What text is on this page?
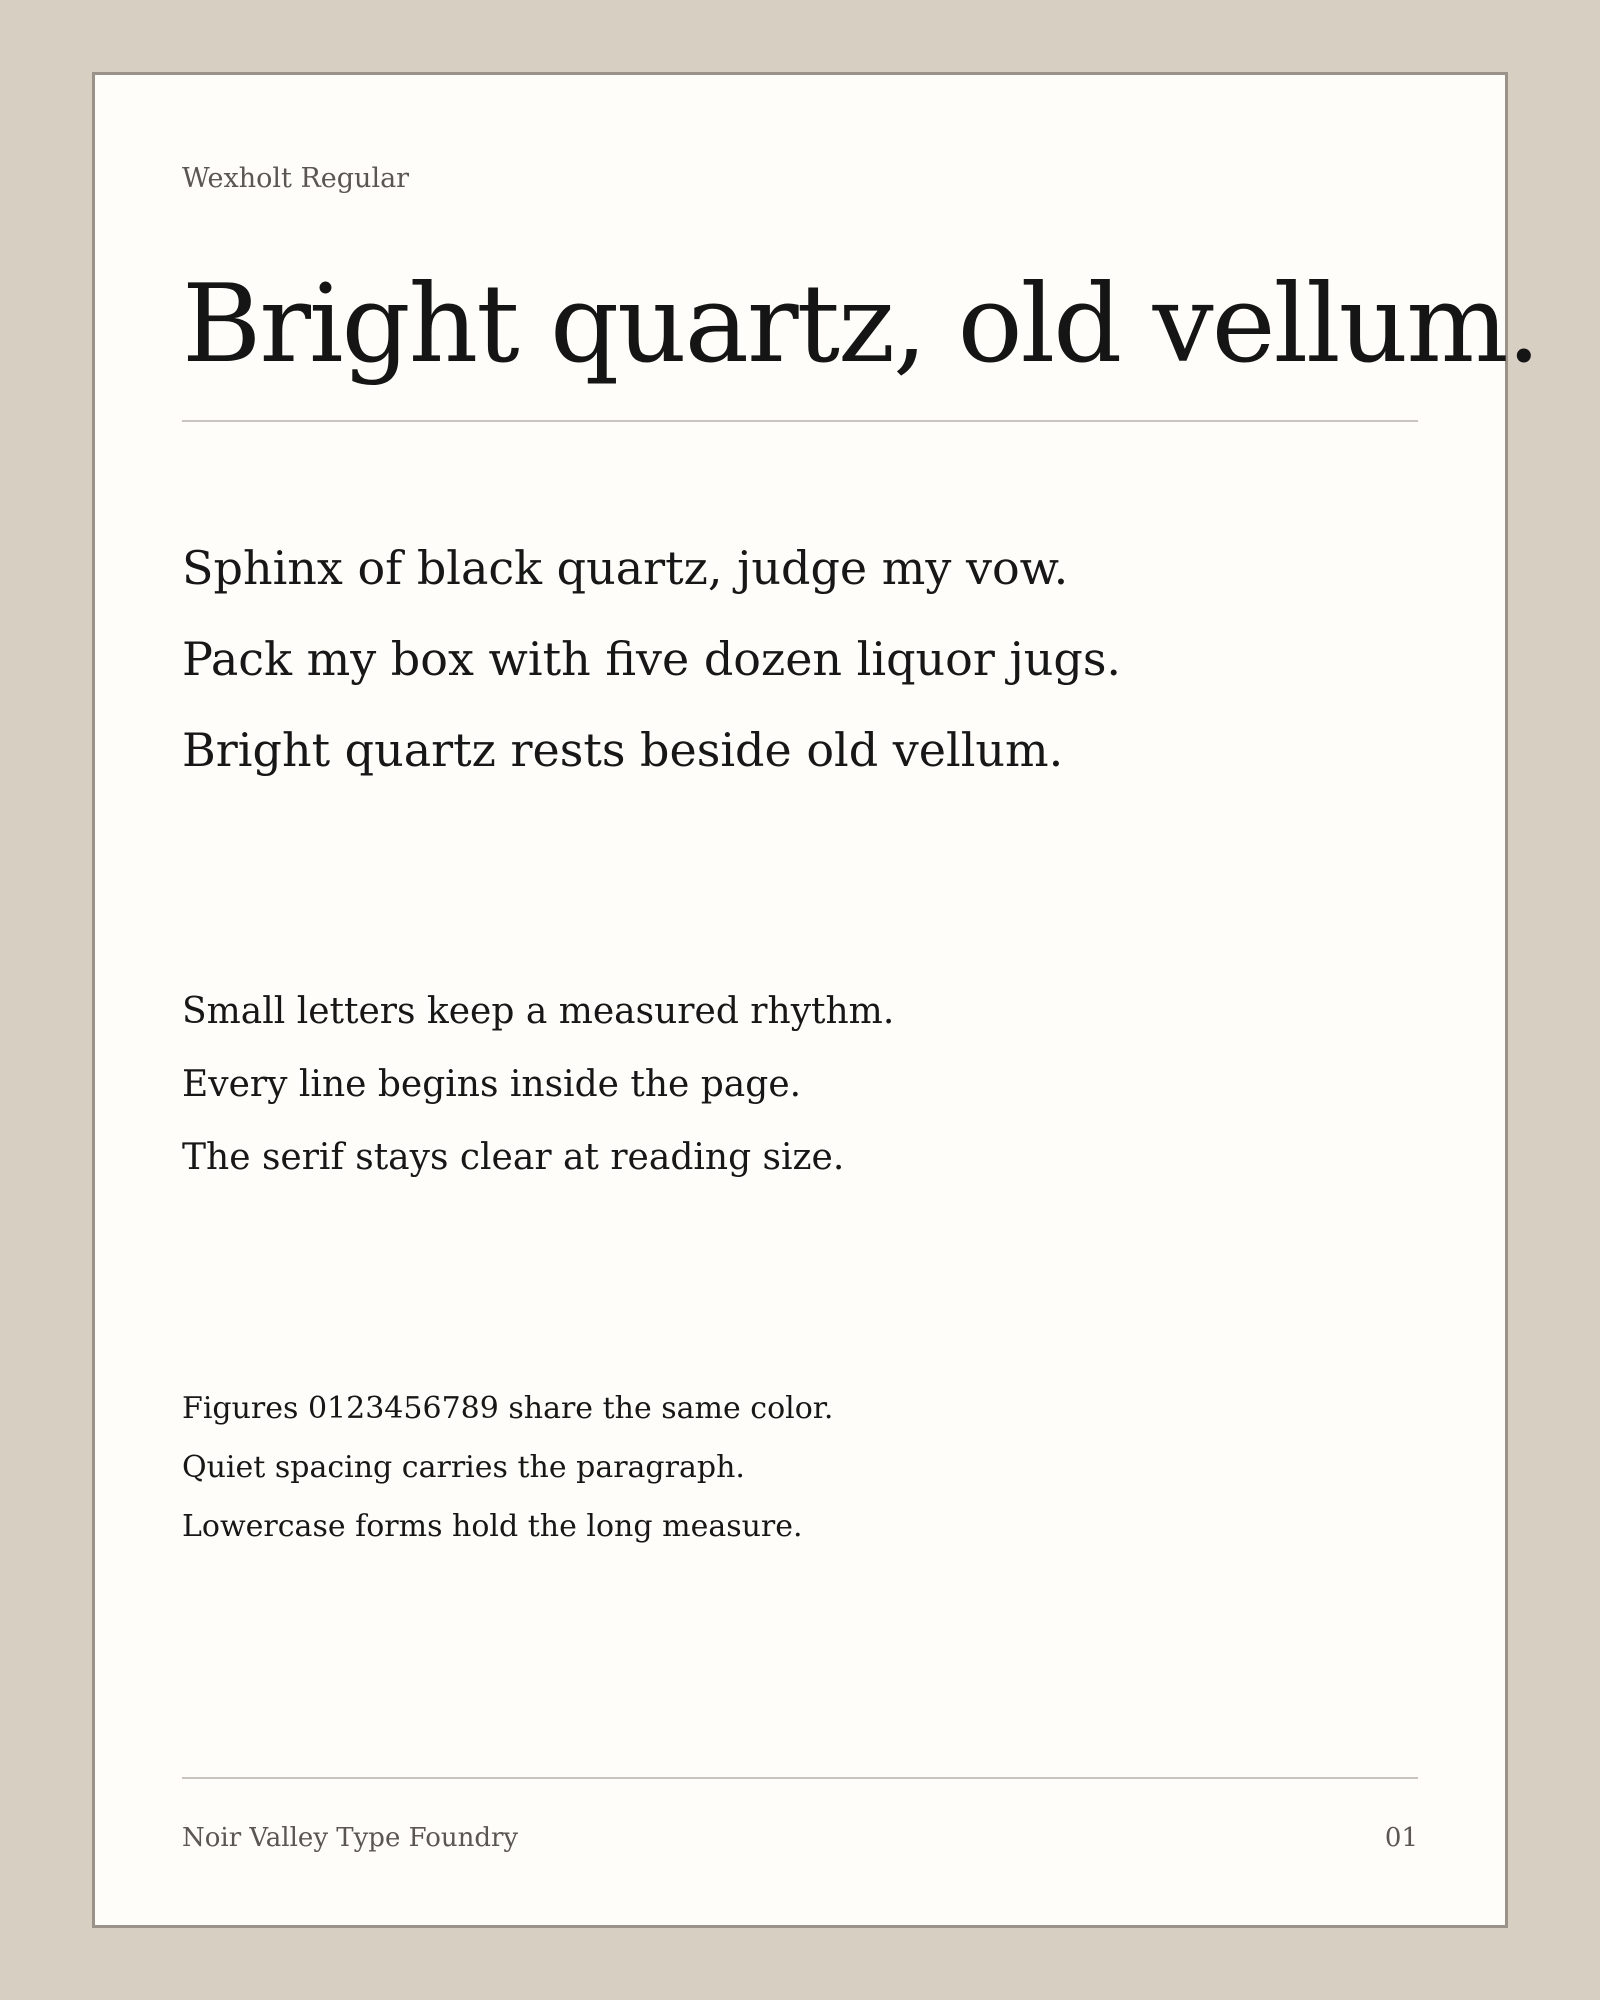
Wexholt Regular
Bright quartz, old vellum.
Sphinx of black quartz, judge my vow.
Pack my box with five dozen liquor jugs.
Bright quartz rests beside old vellum.
Small letters keep a measured rhythm.
Every line begins inside the page.
The serif stays clear at reading size.
Figures 0123456789 share the same color.
Quiet spacing carries the paragraph.
Lowercase forms hold the long measure.
Noir Valley Type Foundry	01
